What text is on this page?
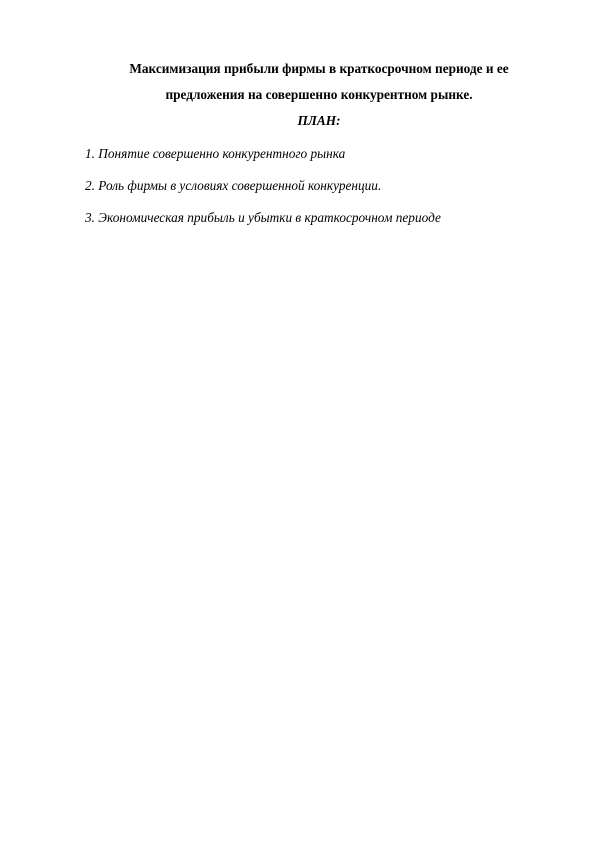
Максимизация прибыли фирмы в краткосрочном периоде и ее
предложения на совершенно конкурентном рынке.
ПЛАН:
1. Понятие совершенно конкурентного рынка
2. Роль фирмы в условиях совершенной конкуренции.
3. Экономическая прибыль и убытки в краткосрочном периоде
